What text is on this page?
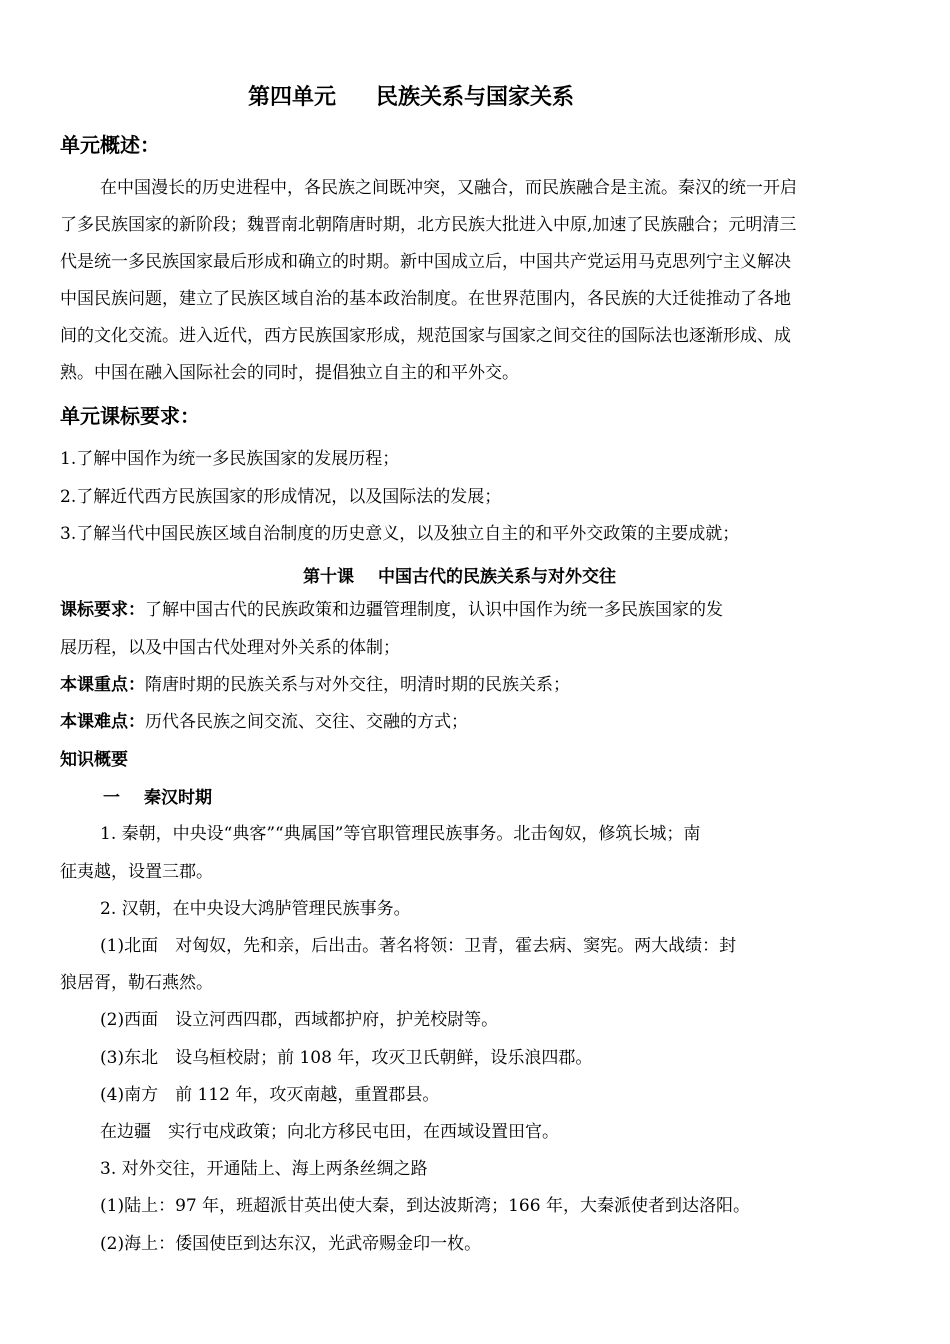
第四单元 民族关系与国家关系
单元概述：
在中国漫长的历史进程中，各民族之间既冲突，又融合，而民族融合是主流。秦汉的统一开启
了多民族国家的新阶段；魏晋南北朝隋唐时期，北方民族大批进入中原,加速了民族融合；元明清三
代是统一多民族国家最后形成和确立的时期。新中国成立后，中国共产党运用马克思列宁主义解决
中国民族问题，建立了民族区域自治的基本政治制度。在世界范围内，各民族的大迁徙推动了各地
间的文化交流。进入近代，西方民族国家形成，规范国家与国家之间交往的国际法也逐渐形成、成
熟。中国在融入国际社会的同时，提倡独立自主的和平外交。
单元课标要求：
1.了解中国作为统一多民族国家的发展历程；
2.了解近代西方民族国家的形成情况，以及国际法的发展；
3.了解当代中国民族区域自治制度的历史意义，以及独立自主的和平外交政策的主要成就；
第十课 中国古代的民族关系与对外交往
课标要求：了解中国古代的民族政策和边疆管理制度，认识中国作为统一多民族国家的发
展历程，以及中国古代处理对外关系的体制；
本课重点：隋唐时期的民族关系与对外交往，明清时期的民族关系；
本课难点：历代各民族之间交流、交往、交融的方式；
知识概要
一 秦汉时期
1. 秦朝，中央设“典客”“典属国”等官职管理民族事务。北击匈奴，修筑长城；南
征夷越，设置三郡。
2. 汉朝，在中央设大鸿胪管理民族事务。
(1)北面　对匈奴，先和亲，后出击。著名将领：卫青，霍去病、窦宪。两大战绩：封
狼居胥，勒石燕然。
(2)西面　设立河西四郡，西域都护府，护羌校尉等。
(3)东北　设乌桓校尉；前 108 年，攻灭卫氏朝鲜，设乐浪四郡。
(4)南方　前 112 年，攻灭南越，重置郡县。
在边疆　实行屯戍政策；向北方移民屯田，在西域设置田官。
3. 对外交往，开通陆上、海上两条丝绸之路
(1)陆上：97 年，班超派甘英出使大秦，到达波斯湾；166 年，大秦派使者到达洛阳。
(2)海上：倭国使臣到达东汉，光武帝赐金印一枚。
